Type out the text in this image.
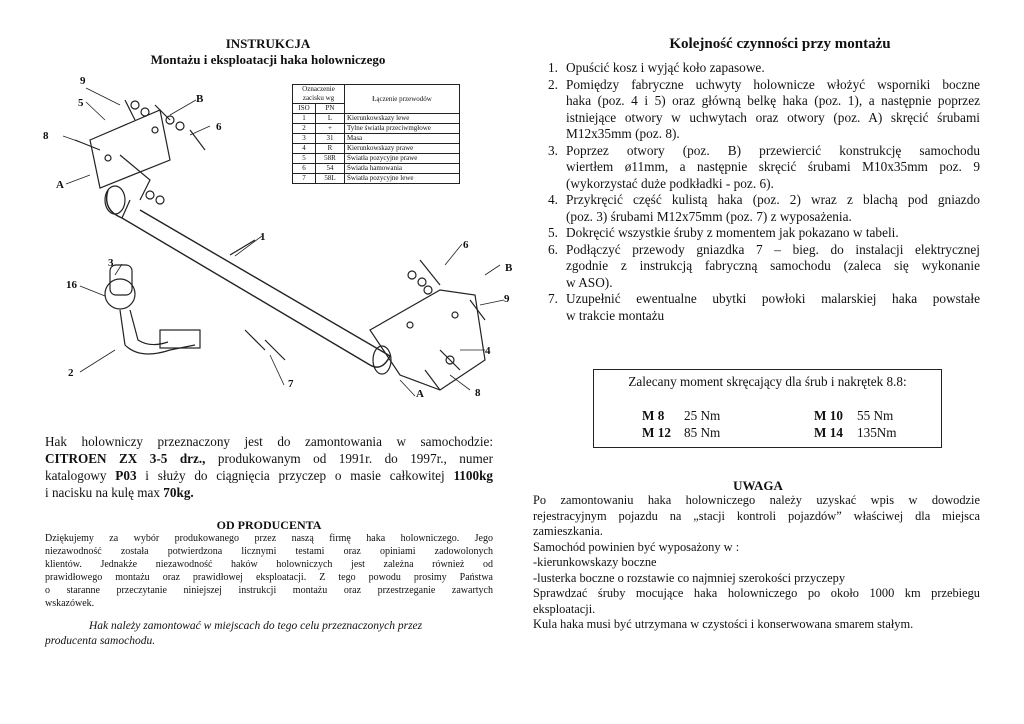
INSTRUKCJA
Montażu i eksploatacji haka holowniczego
9
5	B
6
8
A
1
3
16
2
7
A	8
4
9
B
6
Oznaczenie zacisku wg		Łączenie przewodów
ISO	PN	
1	L	Kierunkowskazy lewe
2	+	Tylne światła przeciwmgłowe
3	31	Masa
4	R	Kierunkowskazy prawe
5	58R	Światła pozycyjne prawe
6	54	Światła hamowania
7	58L	Światła pozycyjne lewe
Hak holowniczy przeznaczony jest do zamontowania w samochodzie:
CITROEN ZX 3-5 drz., produkowanym od 1991r. do 1997r., numer
katalogowy P03 i służy do ciągnięcia przyczep o masie całkowitej 1100kg
i nacisku na kulę max 70kg.
OD PRODUCENTA
Dziękujemy za wybór produkowanego przez naszą firmę haka holowniczego. Jego
niezawodność została potwierdzona licznymi testami oraz opiniami zadowolonych
klientów. Jednakże niezawodność haków holowniczych jest zależna również od
prawidłowego montażu oraz prawidłowej eksploatacji. Z tego powodu prosimy Państwa
o staranne przeczytanie niniejszej instrukcji montażu oraz przestrzeganie zawartych
wskazówek.
Hak należy zamontować w miejscach do tego celu przeznaczonych przez
producenta samochodu.
Kolejność czynności przy montażu
1. Opuścić kosz i wyjąć koło zapasowe.
2. Pomiędzy fabryczne uchwyty holownicze włożyć wsporniki boczne
haka (poz. 4 i 5) oraz główną belkę haka (poz. 1), a następnie poprzez
istniejące otwory w uchwytach oraz otwory (poz. A) skręcić śrubami
M12x35mm (poz. 8).
3. Poprzez otwory (poz. B) przewiercić konstrukcję samochodu
wiertłem ø11mm, a następnie skręcić śrubami M10x35mm poz. 9
(wykorzystać duże podkładki - poz. 6).
4. Przykręcić część kulistą haka (poz. 2) wraz z blachą pod gniazdo
(poz. 3) śrubami M12x75mm (poz. 7) z wyposażenia.
5. Dokręcić wszystkie śruby z momentem jak pokazano w tabeli.
6. Podłączyć przewody gniazdka 7 – bieg. do instalacji elektrycznej
zgodnie z instrukcją fabryczną samochodu (zaleca się wykonanie
w ASO).
7. Uzupełnić ewentualne ubytki powłoki malarskiej haka powstałe
w trakcie montażu
Zalecany moment skręcający dla śrub i nakrętek 8.8:
M 8 25 Nm	M 10 55 Nm
M 12 85 Nm	M 14 135Nm
UWAGA
Po zamontowaniu haka holowniczego należy uzyskać wpis w dowodzie
rejestracyjnym pojazdu na „stacji kontroli pojazdów” właściwej dla miejsca
zamieszkania.
Samochód powinien być wyposażony w :
-kierunkowskazy boczne
-lusterka boczne o rozstawie co najmniej szerokości przyczepy
Sprawdzać śruby mocujące haka holowniczego po około 1000 km przebiegu
eksploatacji.
Kula haka musi być utrzymana w czystości i konserwowana smarem stałym.
